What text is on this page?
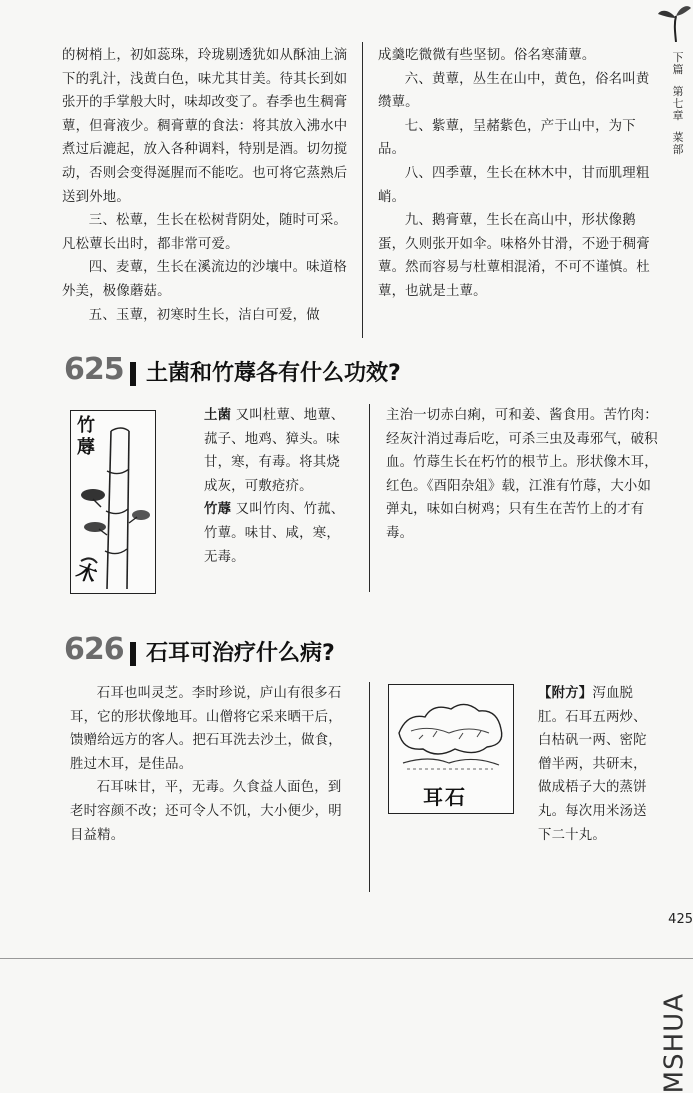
下篇
第七章
菜部

的树梢上，初如蕊珠，玲珑剔透犹如从酥油上滴下的乳汁，浅黄白色，味尤其甘美。待其长到如张开的手掌般大时，味却改变了。春季也生稠膏蕈，但膏液少。稠膏蕈的食法：将其放入沸水中煮过后漉起，放入各种调料，特别是酒。切勿搅动，否则会变得涎腥而不能吃。也可将它蒸熟后送到外地。

三、松蕈，生长在松树背阴处，随时可采。凡松蕈长出时，都非常可爱。

四、麦蕈，生长在溪流边的沙壤中。味道格外美，极像蘑菇。

五、玉蕈，初寒时生长，洁白可爱，做

成羹吃微微有些坚韧。俗名寒蒲蕈。

六、黄蕈，丛生在山中，黄色，俗名叫黄缵蕈。

七、紫蕈，呈赭紫色，产于山中，为下品。

八、四季蕈，生长在林木中，甘而肌理粗峭。

九、鹅膏蕈，生长在高山中，形状像鹅蛋，久则张开如伞。味格外甘滑，不逊于稠膏蕈。然而容易与杜蕈相混淆，不可不谨慎。杜蕈，也就是土蕈。

625 土菌和竹蓐各有什么功效?
竹蓐
木

土菌 又叫杜蕈、地蕈、菰子、地鸡、獐头。味甘，寒，有毒。将其烧成灰，可敷疮疥。

竹蓐 又叫竹肉、竹菰、竹蕈。味甘、咸，寒，无毒。

主治一切赤白痢，可和姜、酱食用。苦竹肉：经灰汁消过毒后吃，可杀三虫及毒邪气，破积血。竹蓐生长在朽竹的根节上。形状像木耳，红色。《酉阳杂俎》载，江淮有竹蓐，大小如弹丸，味如白树鸡；只有生在苦竹上的才有毒。

626 石耳可治疗什么病?

石耳也叫灵芝。李时珍说，庐山有很多石耳，它的形状像地耳。山僧将它采来晒干后，馈赠给远方的客人。把石耳洗去沙土，做食，胜过木耳，是佳品。

石耳味甘，平，无毒。久食益人面色，到老时容颜不改；还可令人不饥，大小便少，明目益精。

耳石

【附方】泻血脱肛。石耳五两炒、白枯矾一两、密陀僧半两，共研末，做成梧子大的蒸饼丸。每次用米汤送下二十丸。

425
MSHUA
